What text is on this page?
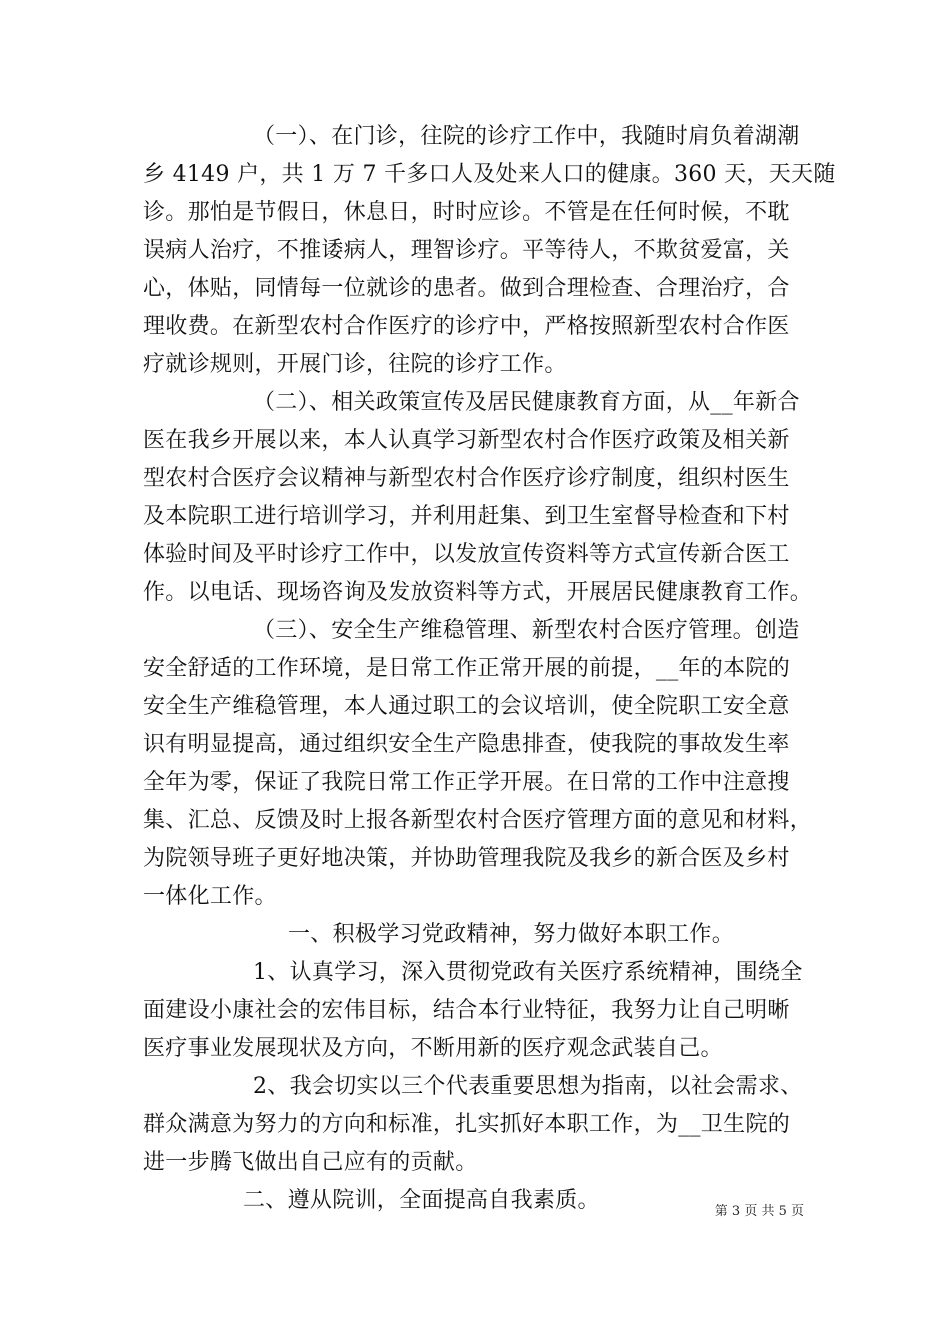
（一）、在门诊，往院的诊疗工作中，我随时肩负着湖潮
乡 4149 户，共 1 万 7 千多口人及处来人口的健康。360 天，天天随
诊。那怕是节假日，休息日，时时应诊。不管是在任何时候，不耽
误病人治疗，不推诿病人，理智诊疗。平等待人，不欺贫爱富，关
心，体贴，同情每一位就诊的患者。做到合理检查、合理治疗，合
理收费。在新型农村合作医疗的诊疗中，严格按照新型农村合作医
疗就诊规则，开展门诊，往院的诊疗工作。
（二）、相关政策宣传及居民健康教育方面，从__年新合
医在我乡开展以来，本人认真学习新型农村合作医疗政策及相关新
型农村合医疗会议精神与新型农村合作医疗诊疗制度，组织村医生
及本院职工进行培训学习，并利用赶集、到卫生室督导检查和下村
体验时间及平时诊疗工作中，以发放宣传资料等方式宣传新合医工
作。以电话、现场咨询及发放资料等方式，开展居民健康教育工作。
（三）、安全生产维稳管理、新型农村合医疗管理。创造
安全舒适的工作环境，是日常工作正常开展的前提，__年的本院的
安全生产维稳管理，本人通过职工的会议培训，使全院职工安全意
识有明显提高，通过组织安全生产隐患排查，使我院的事故发生率
全年为零，保证了我院日常工作正学开展。在日常的工作中注意搜
集、汇总、反馈及时上报各新型农村合医疗管理方面的意见和材料，
为院领导班子更好地决策，并协助管理我院及我乡的新合医及乡村
一体化工作。
一、积极学习党政精神，努力做好本职工作。
1、认真学习，深入贯彻党政有关医疗系统精神，围绕全
面建设小康社会的宏伟目标，结合本行业特征，我努力让自己明晰
医疗事业发展现状及方向，不断用新的医疗观念武装自己。
2、我会切实以三个代表重要思想为指南，以社会需求、
群众满意为努力的方向和标准，扎实抓好本职工作，为__卫生院的
进一步腾飞做出自己应有的贡献。
二、遵从院训，全面提高自我素质。	第 3 页 共 5 页
